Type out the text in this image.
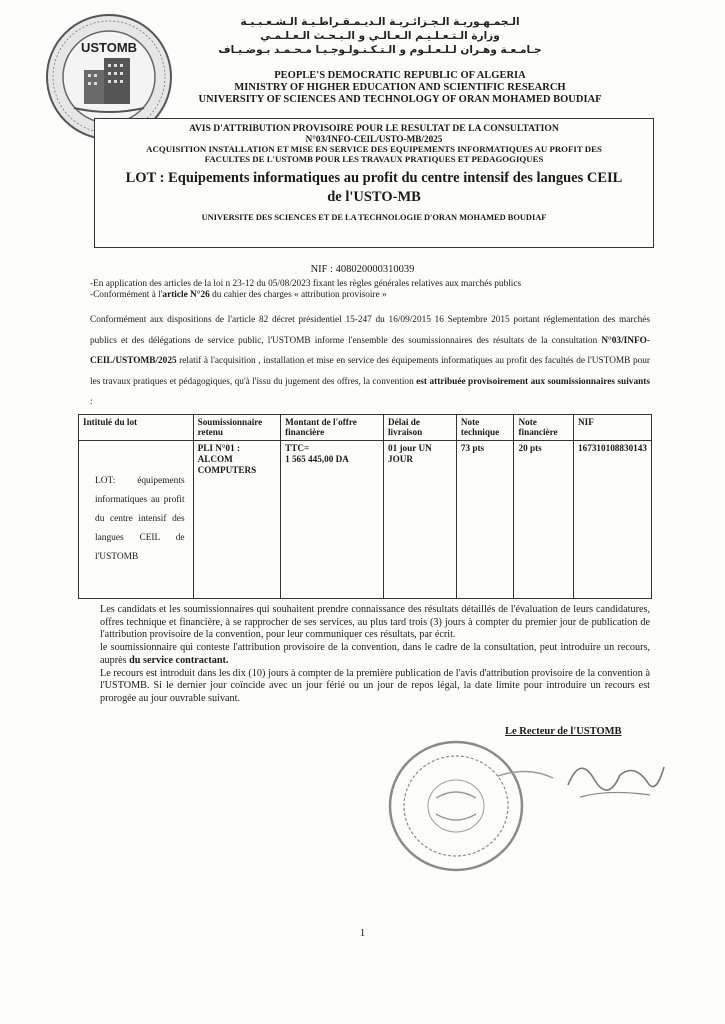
USTOMB
الـجمـهـوريـة الـجـزائـريـة الـديـمـقـراطـيـة الـشـعـبـيـة
وزارة الـتـعـلـيـم الـعـالـي و الـبـحـث الـعـلـمـي
جـامـعـة وهـران لـلـعـلـوم و الـتـكـنـولـوجـيـا مـحـمـد بـوضـيـاف
PEOPLE'S DEMOCRATIC REPUBLIC OF ALGERIA
MINISTRY OF HIGHER EDUCATION AND SCIENTIFIC RESEARCH
UNIVERSITY OF SCIENCES AND TECHNOLOGY OF ORAN MOHAMED BOUDIAF
AVIS D'ATTRIBUTION PROVISOIRE POUR LE RESULTAT DE LA CONSULTATION
N°03/INFO-CEIL/USTO-MB/2025
ACQUISITION INSTALLATION ET MISE EN SERVICE DES EQUIPEMENTS INFORMATIQUES AU PROFIT DES
FACULTES DE L'USTOMB POUR LES TRAVAUX PRATIQUES ET PEDAGOGIQUES
LOT : Equipements informatiques au profit du centre intensif des langues CEIL
de l'USTO-MB
UNIVERSITE DES SCIENCES ET DE LA TECHNOLOGIE D'ORAN MOHAMED BOUDIAF
NIF : 408020000310039
-En application des articles de la loi n 23-12 du 05/08/2023 fixant les règles générales relatives aux marchés publics
-Conformément à l'article N°26 du cahier des charges « attribution provisoire »
Conformément aux dispositions de l'article 82 décret présidentiel 15-247 du 16/09/2015 16 Septembre 2015 portant réglementation des marchés publics et des délégations de service public, l'USTOMB informe l'ensemble des soumissionnaires des résultats de la consultation N°03/INFO-CEIL/USTOMB/2025 relatif à l'acquisition , installation et mise en service des équipements informatiques au profit des facultés de l'USTOMB pour les travaux pratiques et pédagogiques, qu'à l'issu du jugement des offres, la convention est attribuée provisoirement aux soumissionnaires suivants :
Intitulé du lot	Soumissionnaire retenu	Montant de l'offre financière	Délai de livraison	Note technique	Note financière	NIF
LOT: équipements informatiques au profit du centre intensif des langues CEIL de l'USTOMB	PLI N°01 : ALCOM COMPUTERS	TTC=
1 565 445,00 DA	01 jour UN JOUR	73 pts	20 pts	167310108830143

Les candidats et les soumissionnaires qui souhaitent prendre connaissance des résultats détaillés de l'évaluation de leurs candidatures, offres technique et financière, à se rapprocher de ses services, au plus tard trois (3) jours à compter du premier jour de publication de l'attribution provisoire de la convention, pour leur communiquer ces résultats, par écrit.

le soumissionnaire qui conteste l'attribution provisoire de la convention, dans le cadre de la consultation, peut introduire un recours, auprès du service contractant.

Le recours est introduit dans les dix (10) jours à compter de la première publication de l'avis d'attribution provisoire de la convention à l'USTOMB. Si le dernier jour coïncide avec un jour férié ou un jour de repos légal, la date limite pour introduire un recours est prorogée au jour ouvrable suivant.

Le Recteur de l'USTOMB
1
